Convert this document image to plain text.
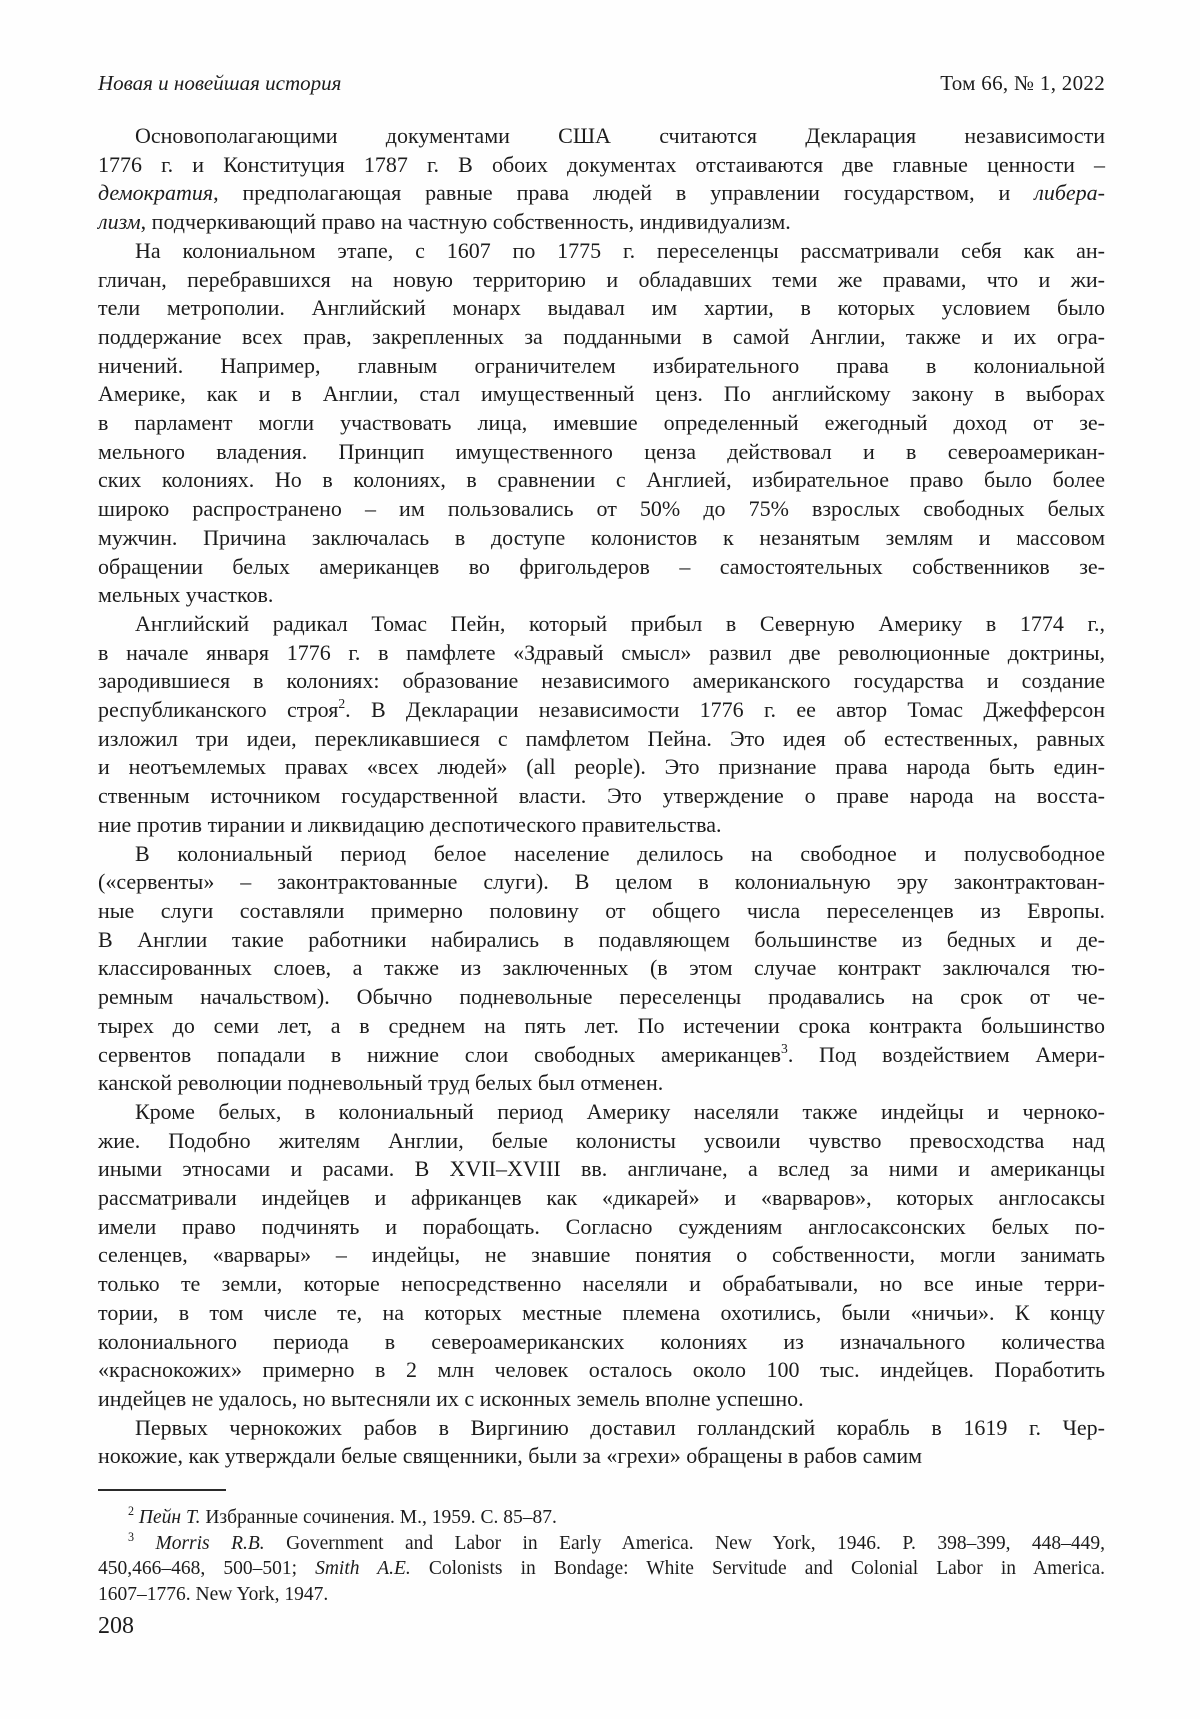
Новая и новейшая история	Том 66, № 1, 2022
Основополагающими документами США считаются Декларация независимости
1776 г. и Конституция 1787 г. В обоих документах отстаиваются две главные ценности –
демократия, предполагающая равные права людей в управлении государством, и либера-
лизм, подчеркивающий право на частную собственность, индивидуализм.
На колониальном этапе, с 1607 по 1775 г. переселенцы рассматривали себя как ан-
гличан, перебравшихся на новую территорию и обладавших теми же правами, что и жи-
тели метрополии. Английский монарх выдавал им хартии, в которых условием было
поддержание всех прав, закрепленных за подданными в самой Англии, также и их огра-
ничений. Например, главным ограничителем избирательного права в колониальной
Америке, как и в Англии, стал имущественный ценз. По английскому закону в выборах
в парламент могли участвовать лица, имевшие определенный ежегодный доход от зе-
мельного владения. Принцип имущественного ценза действовал и в североамерикан-
ских колониях. Но в колониях, в сравнении с Англией, избирательное право было более
широко распространено – им пользовались от 50% до 75% взрослых свободных белых
мужчин. Причина заключалась в доступе колонистов к незанятым землям и массовом
обращении белых американцев во фригольдеров – самостоятельных собственников зе-
мельных участков.
Английский радикал Томас Пейн, который прибыл в Северную Америку в 1774 г.,
в начале января 1776 г. в памфлете «Здравый смысл» развил две революционные доктрины,
зародившиеся в колониях: образование независимого американского государства и создание
республиканского строя$^2$. В Декларации независимости 1776 г. ее автор Томас Джефферсон
изложил три идеи, перекликавшиеся с памфлетом Пейна. Это идея об естественных, равных
и неотъемлемых правах «всех людей» (all people). Это признание права народа быть един-
ственным источником государственной власти. Это утверждение о праве народа на восста-
ние против тирании и ликвидацию деспотического правительства.
В колониальный период белое население делилось на свободное и полусвободное
(«сервенты» – законтрактованные слуги). В целом в колониальную эру законтрактован-
ные слуги составляли примерно половину от общего числа переселенцев из Европы.
В Англии такие работники набирались в подавляющем большинстве из бедных и де-
классированных слоев, а также из заключенных (в этом случае контракт заключался тю-
ремным начальством). Обычно подневольные переселенцы продавались на срок от че-
тырех до семи лет, а в среднем на пять лет. По истечении срока контракта большинство
сервентов попадали в нижние слои свободных американцев$^3$. Под воздействием Амери-
канской революции подневольный труд белых был отменен.
Кроме белых, в колониальный период Америку населяли также индейцы и черноко-
жие. Подобно жителям Англии, белые колонисты усвоили чувство превосходства над
иными этносами и расами. В XVII–XVIII вв. англичане, а вслед за ними и американцы
рассматривали индейцев и африканцев как «дикарей» и «варваров», которых англосаксы
имели право подчинять и порабощать. Согласно суждениям англосаксонских белых по-
селенцев, «варвары» – индейцы, не знавшие понятия о собственности, могли занимать
только те земли, которые непосредственно населяли и обрабатывали, но все иные терри-
тории, в том числе те, на которых местные племена охотились, были «ничьи». К концу
колониального периода в североамериканских колониях из изначального количества
«краснокожих» примерно в 2 млн человек осталось около 100 тыс. индейцев. Поработить
индейцев не удалось, но вытесняли их с исконных земель вполне успешно.
Первых чернокожих рабов в Виргинию доставил голландский корабль в 1619 г. Чер-
нокожие, как утверждали белые священники, были за «грехи» обращены в рабов самим
$^2$ Пейн Т. Избранные сочинения. М., 1959. С. 85–87.
$^3$ Morris R.B. Government and Labor in Early America. New York, 1946. P. 398–399, 448–449,
450,466–468, 500–501; Smith A.E. Colonists in Bondage: White Servitude and Colonial Labor in America.
1607–1776. New York, 1947.
208
